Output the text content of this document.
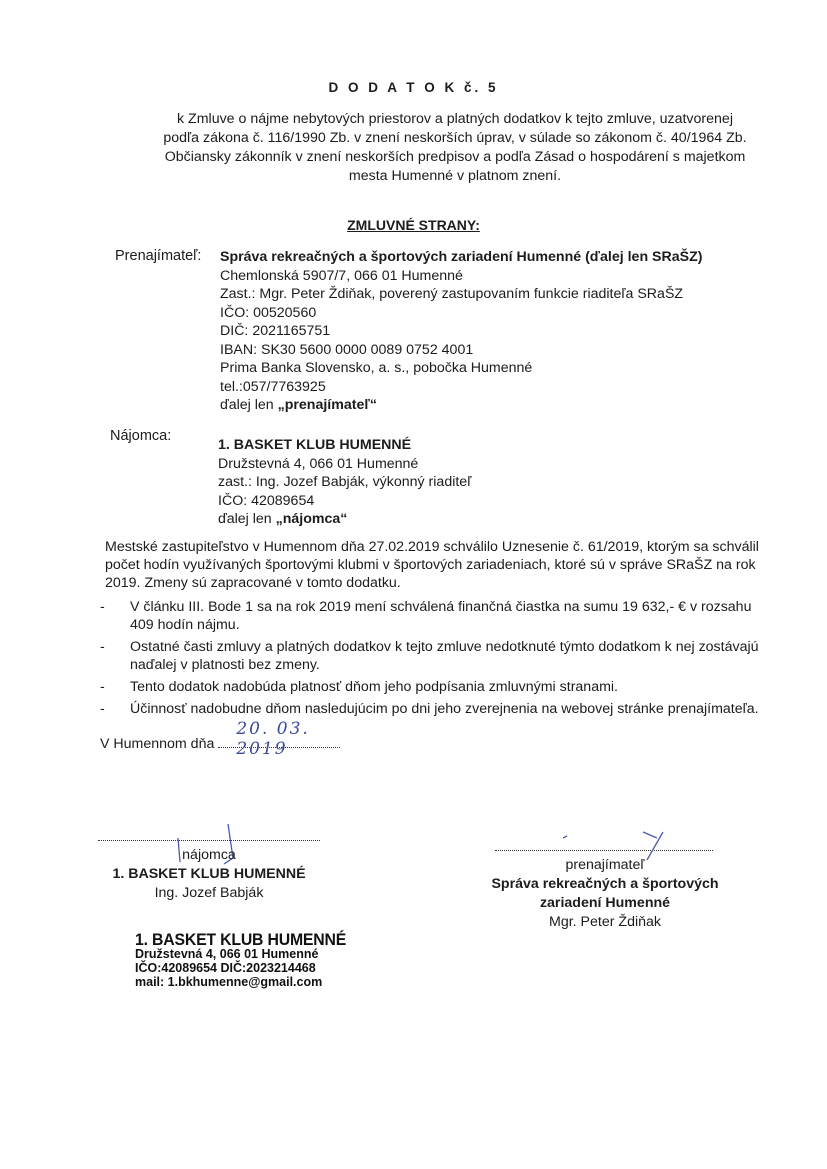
D O D A T O K č. 5
k Zmluve o nájme nebytových priestorov a platných dodatkov k tejto zmluve, uzatvorenej
podľa zákona č. 116/1990 Zb. v znení neskorších úprav, v súlade so zákonom č. 40/1964 Zb.
Občiansky zákonník v znení neskorších predpisov a podľa Zásad o hospodárení s majetkom
mesta Humenné v platnom znení.
ZMLUVNÉ STRANY:
Prenajímateľ: Správa rekreačných a športových zariadení Humenné (ďalej len SRaŠZ)
Chemlonská 5907/7, 066 01 Humenné
Zast.: Mgr. Peter Ždiňak, poverený zastupovaním funkcie riaditeľa SRaŠZ
IČO: 00520560
DIČ: 2021165751
IBAN: SK30 5600 0000 0089 0752 4001
Prima Banka Slovensko, a. s., pobočka Humenné
tel.:057/7763925
ďalej len „prenajímateľ“
Nájomca:
1. BASKET KLUB HUMENNÉ
Družstevná 4, 066 01 Humenné
zast.: Ing. Jozef Babják, výkonný riaditeľ
IČO: 42089654
ďalej len „nájomca“
Mestské zastupiteľstvo v Humennom dňa 27.02.2019 schválilo Uznesenie č. 61/2019, ktorým sa schválil
počet hodín využívaných športovými klubmi v športových zariadeniach, ktoré sú v správe SRaŠZ na rok
2019. Zmeny sú zapracované v tomto dodatku.
-	V článku III. Bode 1 sa na rok 2019 mení schválená finančná čiastka na sumu 19 632,- € v rozsahu 409 hodín nájmu.
-	Ostatné časti zmluvy a platných dodatkov k tejto zmluve nedotknuté týmto dodatkom k nej zostávajú naďalej v platnosti bez zmeny.
-	Tento dodatok nadobúda platnosť dňom jeho podpísania zmluvnými stranami.
-	Účinnosť nadobudne dňom nasledujúcim po dni jeho zverejnenia na webovej stránke prenajímateľa.
V Humennom dňa
20. 03. 2019
nájomca
1. BASKET KLUB HUMENNÉ
Ing. Jozef Babják
prenajímateľ
Správa rekreačných a športových
zariadení Humenné
Mgr. Peter Ždiňak
1. BASKET KLUB HUMENNÉ
Družstevná 4, 066 01 Humenné
IČO:42089654 DIČ:2023214468
mail: 1.bkhumenne@gmail.com
